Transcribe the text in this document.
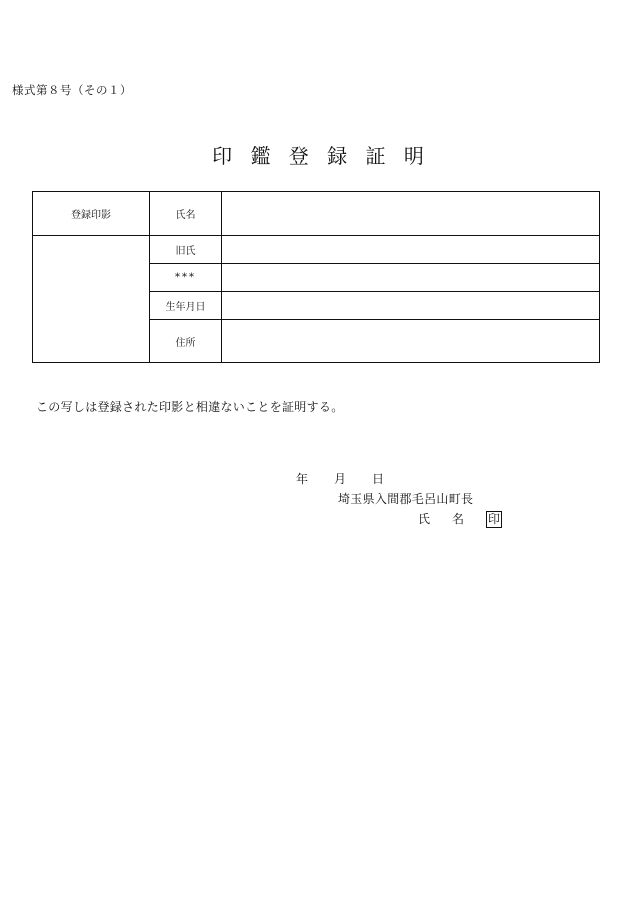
様式第８号（その１）
印 鑑 登 録 証 明
登録印影	氏名	
	旧氏	
	***	
	生年月日	
	住所	
この写しは登録された印影と相違ないことを証明する。
年 月 日
埼玉県入間郡毛呂山町長
氏 名 印
